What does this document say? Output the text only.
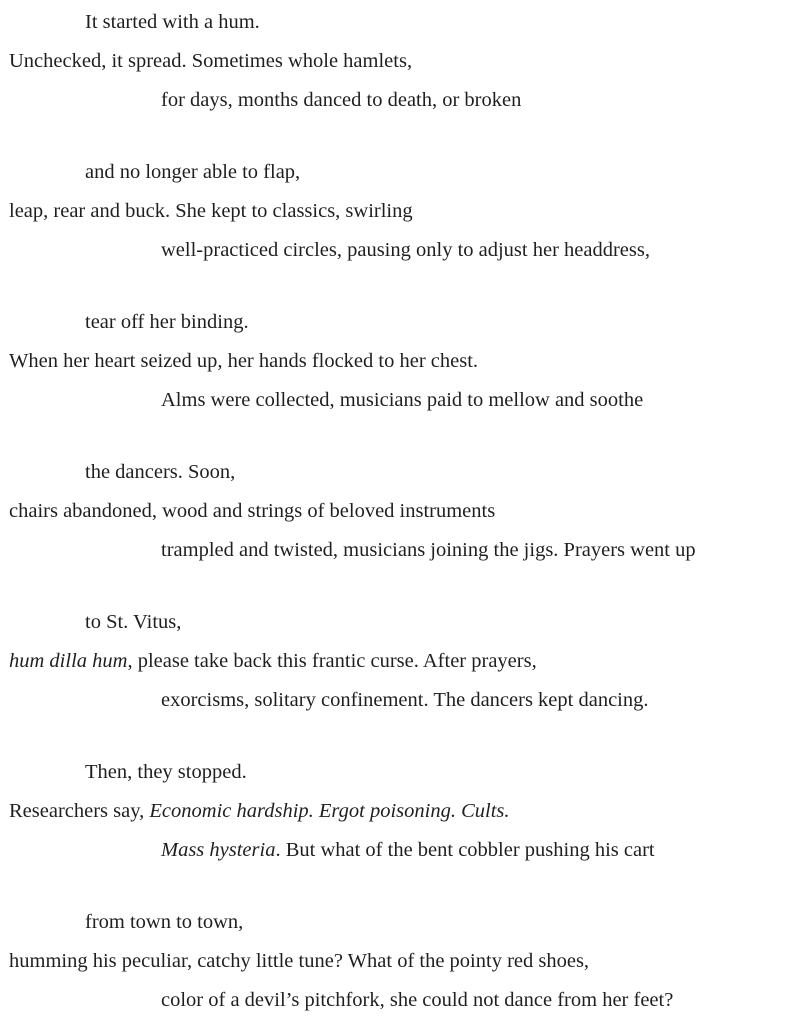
It started with a hum.
Unchecked, it spread. Sometimes whole hamlets,
for days, months danced to death, or broken
and no longer able to flap,
leap, rear and buck. She kept to classics, swirling
well-practiced circles, pausing only to adjust her headdress,
tear off her binding.
When her heart seized up, her hands flocked to her chest.
Alms were collected, musicians paid to mellow and soothe
the dancers. Soon,
chairs abandoned, wood and strings of beloved instruments
trampled and twisted, musicians joining the jigs. Prayers went up
to St. Vitus,
hum dilla hum, please take back this frantic curse. After prayers,
exorcisms, solitary confinement. The dancers kept dancing.
Then, they stopped.
Researchers say, Economic hardship. Ergot poisoning. Cults.
Mass hysteria. But what of the bent cobbler pushing his cart
from town to town,
humming his peculiar, catchy little tune? What of the pointy red shoes,
color of a devil’s pitchfork, she could not dance from her feet?
